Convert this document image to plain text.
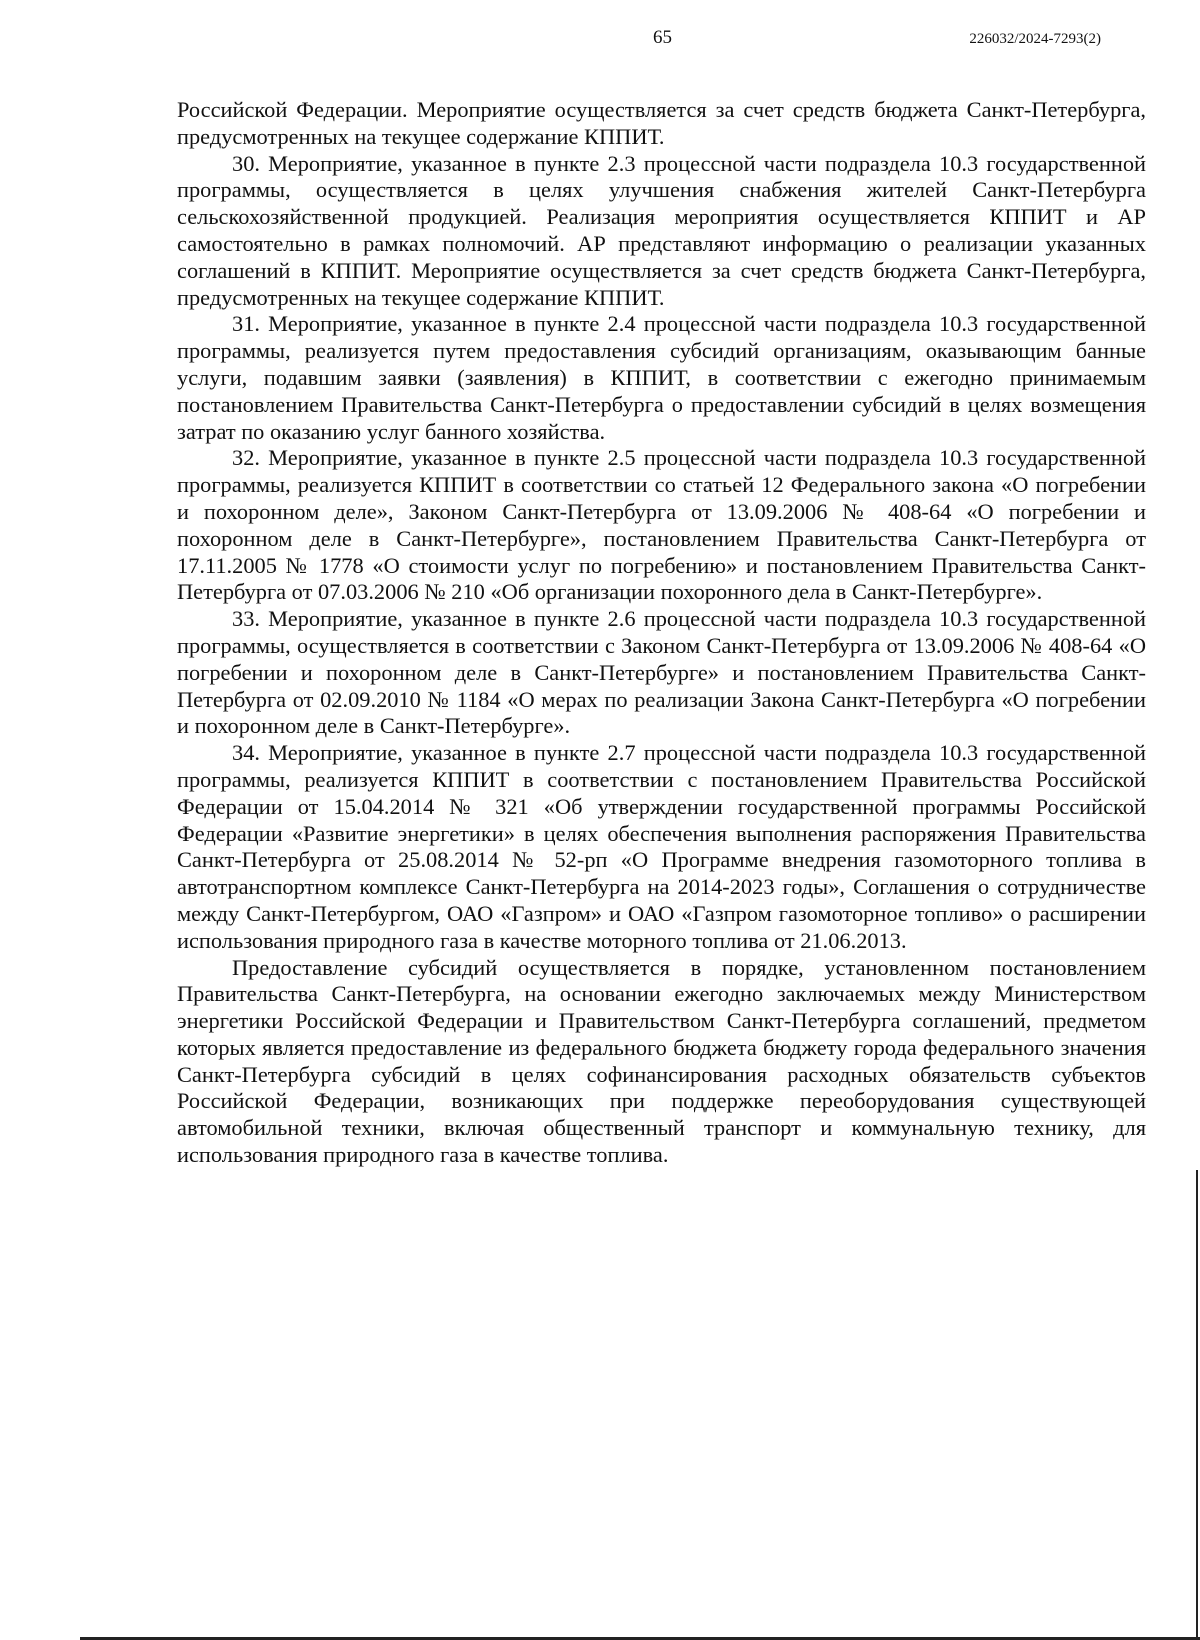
65	226032/2024-7293(2)

Российской Федерации. Мероприятие осуществляется за счет средств бюджета Санкт-Петербурга, предусмотренных на текущее содержание КППИТ.

30. Мероприятие, указанное в пункте 2.3 процессной части подраздела 10.3 государственной программы, осуществляется в целях улучшения снабжения жителей Санкт-Петербурга сельскохозяйственной продукцией. Реализация мероприятия осуществляется КППИТ и АР самостоятельно в рамках полномочий. АР представляют информацию о реализации указанных соглашений в КППИТ. Мероприятие осуществляется за счет средств бюджета Санкт-Петербурга, предусмотренных на текущее содержание КППИТ.

31. Мероприятие, указанное в пункте 2.4 процессной части подраздела 10.3 государственной программы, реализуется путем предоставления субсидий организациям, оказывающим банные услуги, подавшим заявки (заявления) в КППИТ, в соответствии с ежегодно принимаемым постановлением Правительства Санкт-Петербурга о предоставлении субсидий в целях возмещения затрат по оказанию услуг банного хозяйства.

32. Мероприятие, указанное в пункте 2.5 процессной части подраздела 10.3 государственной программы, реализуется КППИТ в соответствии со статьей 12 Федерального закона «О погребении и похоронном деле», Законом Санкт-Петербурга от 13.09.2006 № 408-64 «О погребении и похоронном деле в Санкт-Петербурге», постановлением Правительства Санкт-Петербурга от 17.11.2005 № 1778 «О стоимости услуг по погребению» и постановлением Правительства Санкт-Петербурга от 07.03.2006 № 210 «Об организации похоронного дела в Санкт-Петербурге».

33. Мероприятие, указанное в пункте 2.6 процессной части подраздела 10.3 государственной программы, осуществляется в соответствии с Законом Санкт-Петербурга от 13.09.2006 № 408-64 «О погребении и похоронном деле в Санкт-Петербурге» и постановлением Правительства Санкт-Петербурга от 02.09.2010 № 1184 «О мерах по реализации Закона Санкт-Петербурга «О погребении и похоронном деле в Санкт-Петербурге».

34. Мероприятие, указанное в пункте 2.7 процессной части подраздела 10.3 государственной программы, реализуется КППИТ в соответствии с постановлением Правительства Российской Федерации от 15.04.2014 № 321 «Об утверждении государственной программы Российской Федерации «Развитие энергетики» в целях обеспечения выполнения распоряжения Правительства Санкт-Петербурга от 25.08.2014 № 52-рп «О Программе внедрения газомоторного топлива в автотранспортном комплексе Санкт-Петербурга на 2014-2023 годы», Соглашения о сотрудничестве между Санкт-Петербургом, ОАО «Газпром» и ОАО «Газпром газомоторное топливо» о расширении использования природного газа в качестве моторного топлива от 21.06.2013.

Предоставление субсидий осуществляется в порядке, установленном постановлением Правительства Санкт-Петербурга, на основании ежегодно заключаемых между Министерством энергетики Российской Федерации и Правительством Санкт-Петербурга соглашений, предметом которых является предоставление из федерального бюджета бюджету города федерального значения Санкт-Петербурга субсидий в целях софинансирования расходных обязательств субъектов Российской Федерации, возникающих при поддержке переоборудования существующей автомобильной техники, включая общественный транспорт и коммунальную технику, для использования природного газа в качестве топлива.
